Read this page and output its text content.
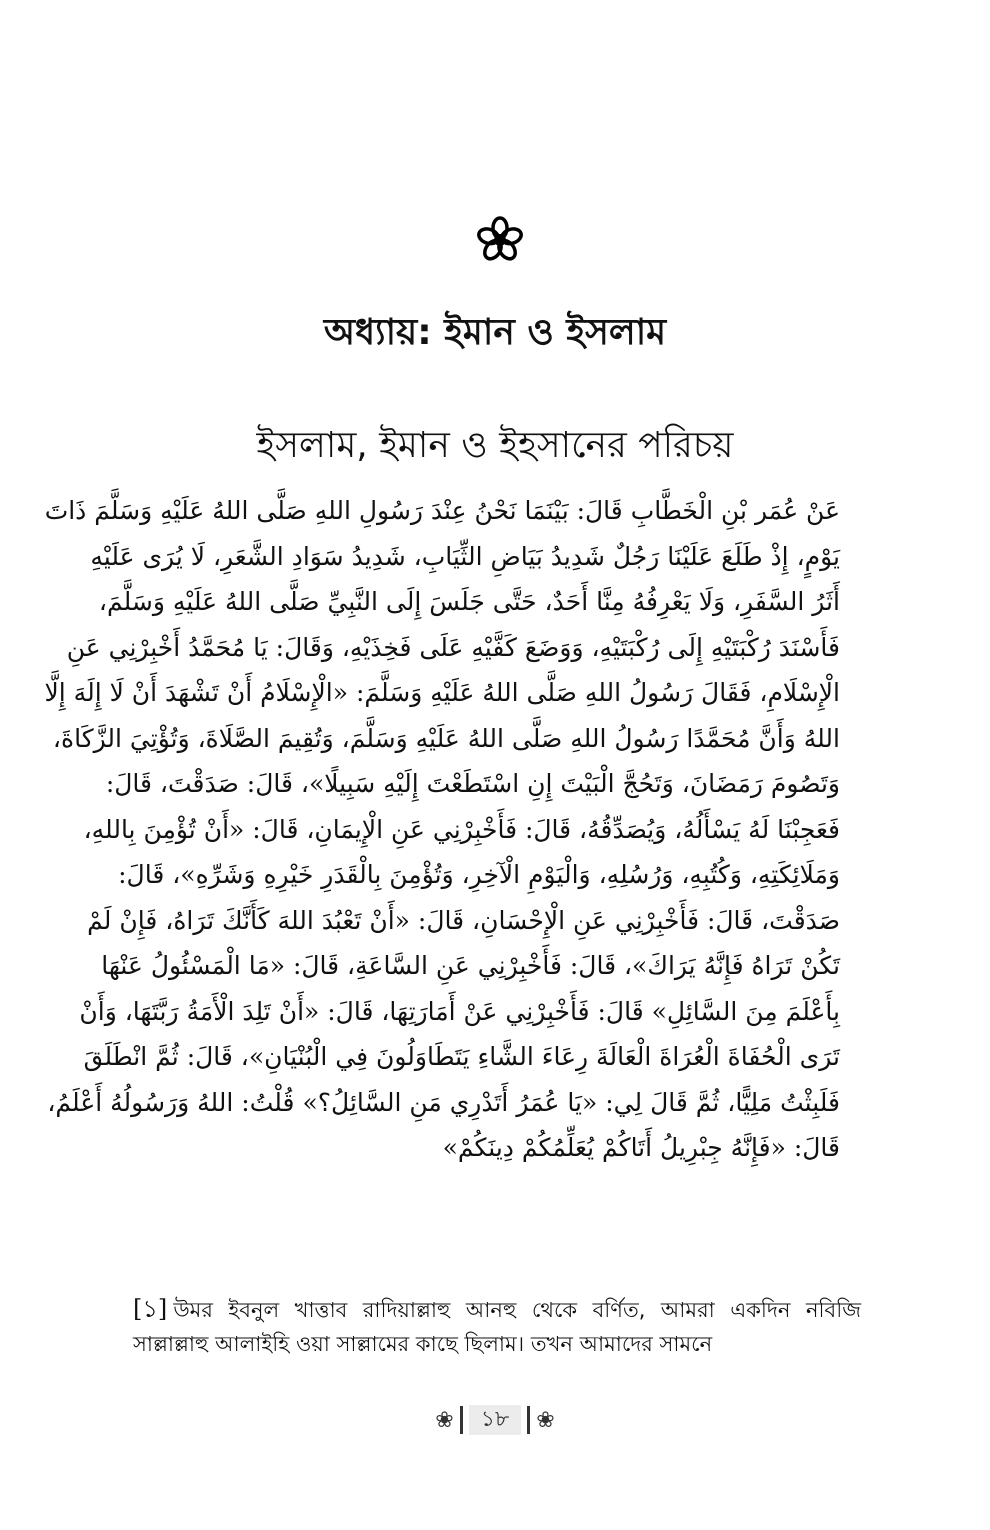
অধ্যায়: ইমান ও ইসলাম
ইসলাম, ইমান ও ইহসানের পরিচয়
عَنْ عُمَر بْنِ الْخَطَّابِ قَالَ: بَيْنَمَا نَحْنُ عِنْدَ رَسُولِ اللهِ صَلَّى اللهُ عَلَيْهِ وَسَلَّمَ ذَاتَ
يَوْمٍ، إِذْ طَلَعَ عَلَيْنَا رَجُلٌ شَدِيدُ بَيَاضِ الثِّيَابِ، شَدِيدُ سَوَادِ الشَّعَرِ، لَا يُرَى عَلَيْهِ
أَثَرُ السَّفَرِ، وَلَا يَعْرِفُهُ مِنَّا أَحَدٌ، حَتَّى جَلَسَ إِلَى النَّبِيِّ صَلَّى اللهُ عَلَيْهِ وَسَلَّمَ،
فَأَسْنَدَ رُكْبَتَيْهِ إِلَى رُكْبَتَيْهِ، وَوَضَعَ كَفَّيْهِ عَلَى فَخِذَيْهِ، وَقَالَ: يَا مُحَمَّدُ أَخْبِرْنِي عَنِ
الْإِسْلَامِ، فَقَالَ رَسُولُ اللهِ صَلَّى اللهُ عَلَيْهِ وَسَلَّمَ: «الْإِسْلَامُ أَنْ تَشْهَدَ أَنْ لَا إِلَهَ إِلَّا
اللهُ وَأَنَّ مُحَمَّدًا رَسُولُ اللهِ صَلَّى اللهُ عَلَيْهِ وَسَلَّمَ، وَتُقِيمَ الصَّلَاةَ، وَتُؤْتِيَ الزَّكَاةَ،
وَتَصُومَ رَمَضَانَ، وَتَحُجَّ الْبَيْتَ إِنِ اسْتَطَعْتَ إِلَيْهِ سَبِيلًا»، قَالَ: صَدَقْتَ، قَالَ:
فَعَجِبْنَا لَهُ يَسْأَلُهُ، وَيُصَدِّقُهُ، قَالَ: فَأَخْبِرْنِي عَنِ الْإِيمَانِ، قَالَ: «أَنْ تُؤْمِنَ بِاللهِ،
وَمَلَائِكَتِهِ، وَكُتُبِهِ، وَرُسُلِهِ، وَالْيَوْمِ الْآخِرِ، وَتُؤْمِنَ بِالْقَدَرِ خَيْرِهِ وَشَرِّهِ»، قَالَ:
صَدَقْتَ، قَالَ: فَأَخْبِرْنِي عَنِ الْإِحْسَانِ، قَالَ: «أَنْ تَعْبُدَ اللهَ كَأَنَّكَ تَرَاهُ، فَإِنْ لَمْ
تَكُنْ تَرَاهُ فَإِنَّهُ يَرَاكَ»، قَالَ: فَأَخْبِرْنِي عَنِ السَّاعَةِ، قَالَ: «مَا الْمَسْئُولُ عَنْهَا
بِأَعْلَمَ مِنَ السَّائِلِ» قَالَ: فَأَخْبِرْنِي عَنْ أَمَارَتِهَا، قَالَ: «أَنْ تَلِدَ الْأَمَةُ رَبَّتَهَا، وَأَنْ
تَرَى الْحُفَاةَ الْعُرَاةَ الْعَالَةَ رِعَاءَ الشَّاءِ يَتَطَاوَلُونَ فِي الْبُنْيَانِ»، قَالَ: ثُمَّ انْطَلَقَ
فَلَبِثْتُ مَلِيًّا، ثُمَّ قَالَ لِي: «يَا عُمَرُ أَتَدْرِي مَنِ السَّائِلُ؟» قُلْتُ: اللهُ وَرَسُولُهُ أَعْلَمُ،
قَالَ: «فَإِنَّهُ جِبْرِيلُ أَتَاكُمْ يُعَلِّمُكُمْ دِينَكُمْ»
[১] উমর ইবনুল খাত্তাব রাদিয়াল্লাহু আনহু থেকে বর্ণিত, আমরা একদিন নবিজি সাল্লাল্লাহু আলাইহি ওয়া সাল্লামের কাছে ছিলাম। তখন আমাদের সামনে
❀	১৮	❀
